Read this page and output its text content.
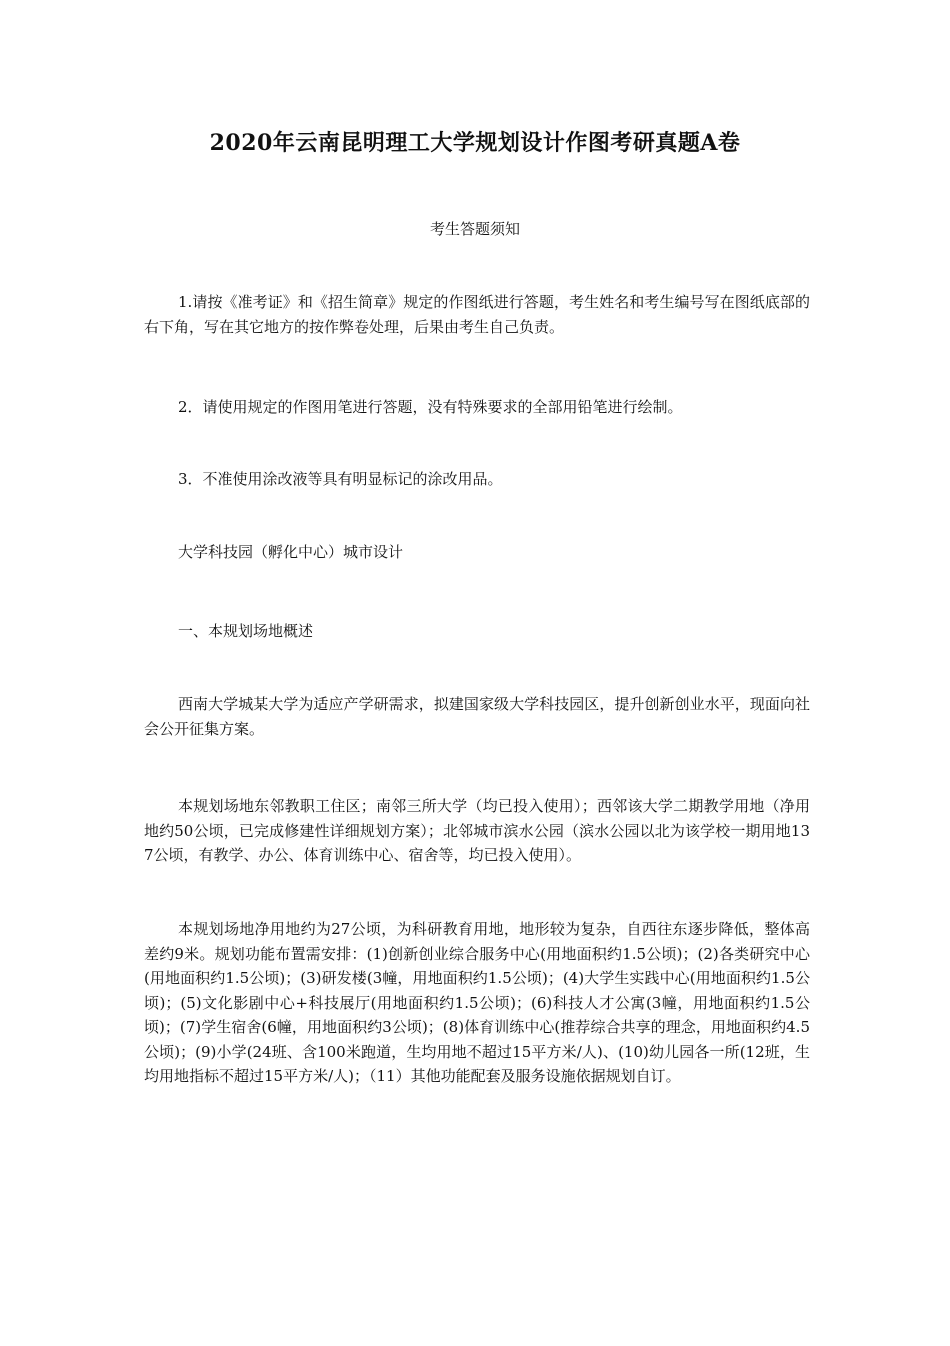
2020年云南昆明理工大学规划设计作图考研真题A卷

考生答题须知

1.请按《准考证》和《招生简章》规定的作图纸进行答题，考生姓名和考生编号写在图纸底部的右下角，写在其它地方的按作弊卷处理，后果由考生自己负责。

2．请使用规定的作图用笔进行答题，没有特殊要求的全部用铅笔进行绘制。

3．不准使用涂改液等具有明显标记的涂改用品。

大学科技园（孵化中心）城市设计

一、本规划场地概述

西南大学城某大学为适应产学研需求，拟建国家级大学科技园区，提升创新创业水平，现面向社会公开征集方案。

本规划场地东邻教职工住区；南邻三所大学（均已投入使用）；西邻该大学二期教学用地（净用地约50公顷，已完成修建性详细规划方案）；北邻城市滨水公园（滨水公园以北为该学校一期用地137公顷，有教学、办公、体育训练中心、宿舍等，均已投入使用）。

本规划场地净用地约为27公顷，为科研教育用地，地形较为复杂，自西往东逐步降低，整体高差约9米。规划功能布置需安排：(1)创新创业综合服务中心(用地面积约1.5公顷)；(2)各类研究中心(用地面积约1.5公顷)；(3)研发楼(3幢，用地面积约1.5公顷)；(4)大学生实践中心(用地面积约1.5公顷)；(5)文化影剧中心+科技展厅(用地面积约1.5公顷)；(6)科技人才公寓(3幢，用地面积约1.5公顷)；(7)学生宿舍(6幢，用地面积约3公顷)；(8)体育训练中心(推荐综合共享的理念，用地面积约4.5公顷)；(9)小学(24班、含100米跑道，生均用地不超过15平方米/人)、(10)幼儿园各一所(12班，生均用地指标不超过15平方米/人)；（11）其他功能配套及服务设施依据规划自订。
